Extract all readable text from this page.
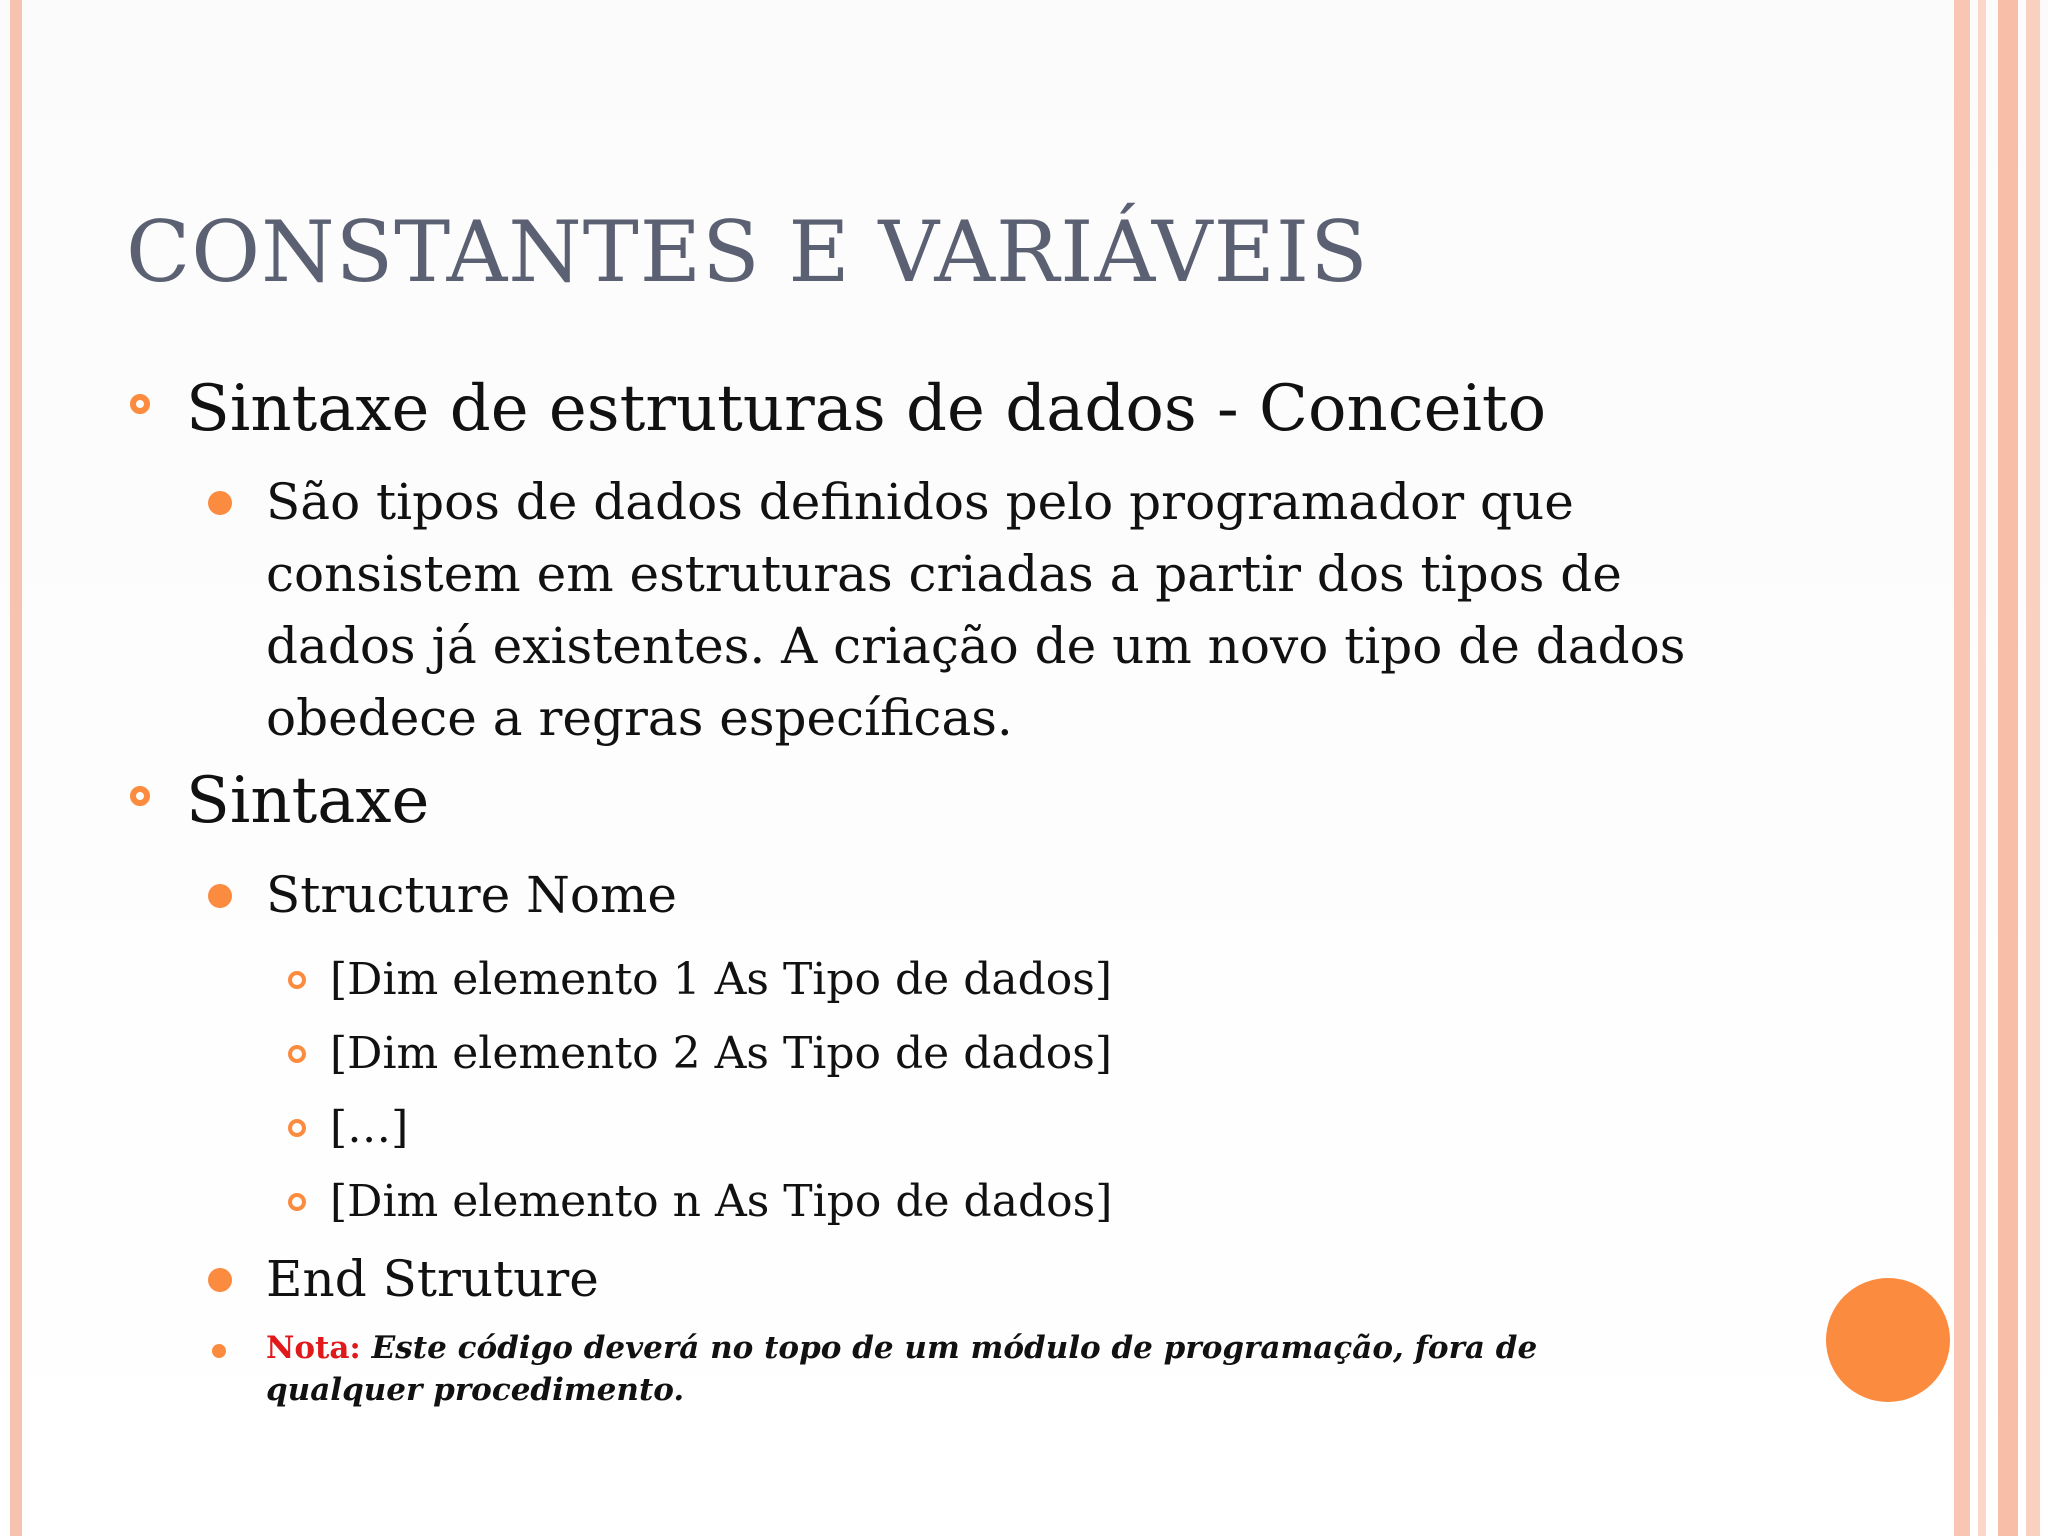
CONSTANTES E VARIÁVEIS
Sintaxe de estruturas de dados - Conceito
São tipos de dados definidos pelo programador que consistem em estruturas criadas a partir dos tipos de dados já existentes. A criação de um novo tipo de dados obedece a regras específicas.
Sintaxe
Structure Nome
[Dim elemento 1 As Tipo de dados]
[Dim elemento 2 As Tipo de dados]
[…]
[Dim elemento n As Tipo de dados]
End Struture
Nota: Este código deverá no topo de um módulo de programação, fora de qualquer procedimento.
